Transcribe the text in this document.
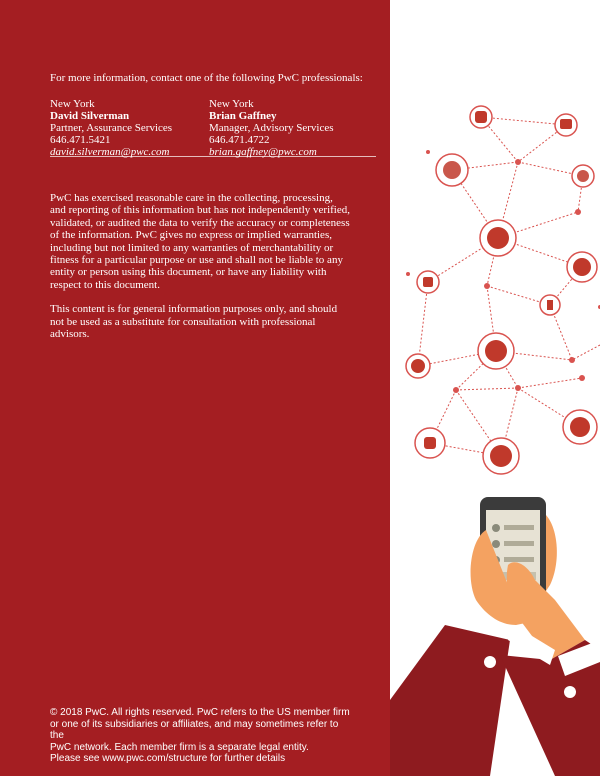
For more information, contact one of the following PwC professionals:
New York
David Silverman
Partner, Assurance Services
646.471.5421
david.silverman@pwc.com
New York
Brian Gaffney
Manager, Advisory Services
646.471.4722
brian.gaffney@pwc.com

PwC has exercised reasonable care in the collecting, processing, and reporting of this information but has not independently verified, validated, or audited the data to verify the accuracy or completeness of the information. PwC gives no express or implied warranties, including but not limited to any warranties of merchantability or fitness for a particular purpose or use and shall not be liable to any entity or person using this document, or have any liability with respect to this document.

This content is for general information purposes only, and should not be used as a substitute for consultation with professional advisors.

© 2018 PwC. All rights reserved. PwC refers to the US member firm
or one of its subsidiaries or affiliates, and may sometimes refer to the
PwC network. Each member firm is a separate legal entity.
Please see www.pwc.com/structure for further details
